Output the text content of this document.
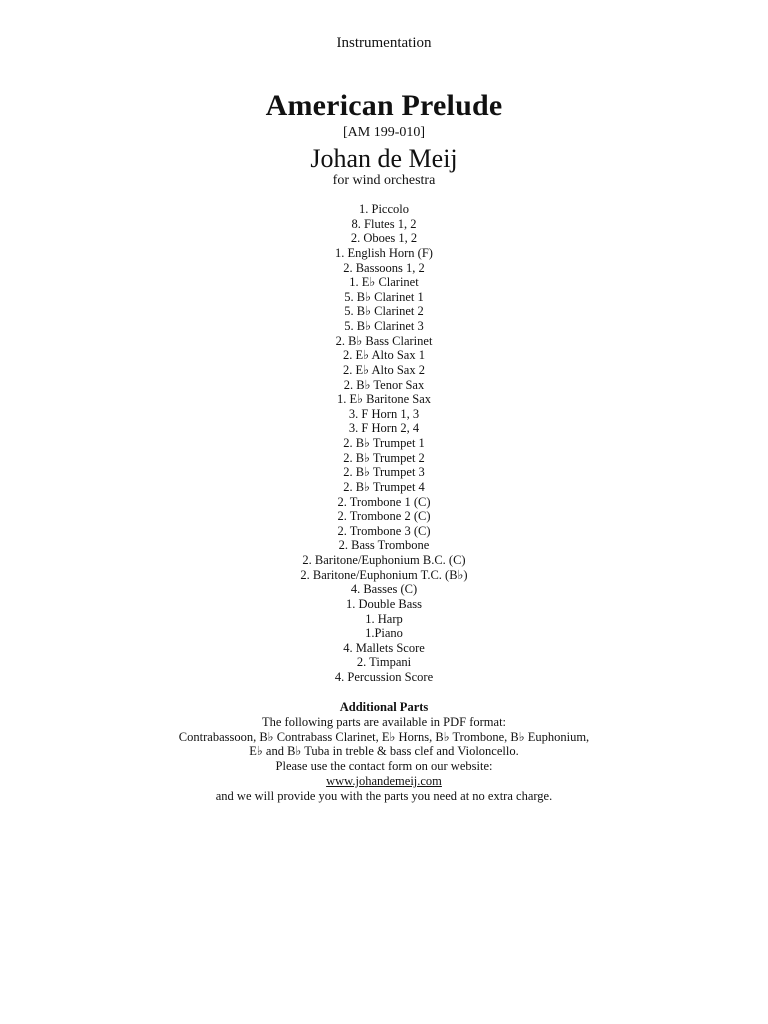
Instrumentation
American Prelude
[AM 199-010]
Johan de Meij
for wind orchestra
1. Piccolo
8. Flutes 1, 2
2. Oboes 1, 2
1. English Horn (F)
2. Bassoons 1, 2
1. E♭ Clarinet
5. B♭ Clarinet 1
5. B♭ Clarinet 2
5. B♭ Clarinet 3
2. B♭ Bass Clarinet
2. E♭ Alto Sax 1
2. E♭ Alto Sax 2
2. B♭ Tenor Sax
1. E♭ Baritone Sax
3. F Horn 1, 3
3. F Horn 2, 4
2. B♭ Trumpet 1
2. B♭ Trumpet 2
2. B♭ Trumpet 3
2. B♭ Trumpet 4
2. Trombone 1 (C)
2. Trombone 2 (C)
2. Trombone 3 (C)
2. Bass Trombone
2. Baritone/Euphonium B.C. (C)
2. Baritone/Euphonium T.C. (B♭)
4. Basses (C)
1. Double Bass
1. Harp
1.Piano
4. Mallets Score
2. Timpani
4. Percussion Score
Additional Parts
The following parts are available in PDF format:
Contrabassoon, B♭ Contrabass Clarinet, E♭ Horns, B♭ Trombone, B♭ Euphonium,
E♭ and B♭ Tuba in treble & bass clef and Violoncello.
Please use the contact form on our website:
www.johandemeij.com
and we will provide you with the parts you need at no extra charge.
